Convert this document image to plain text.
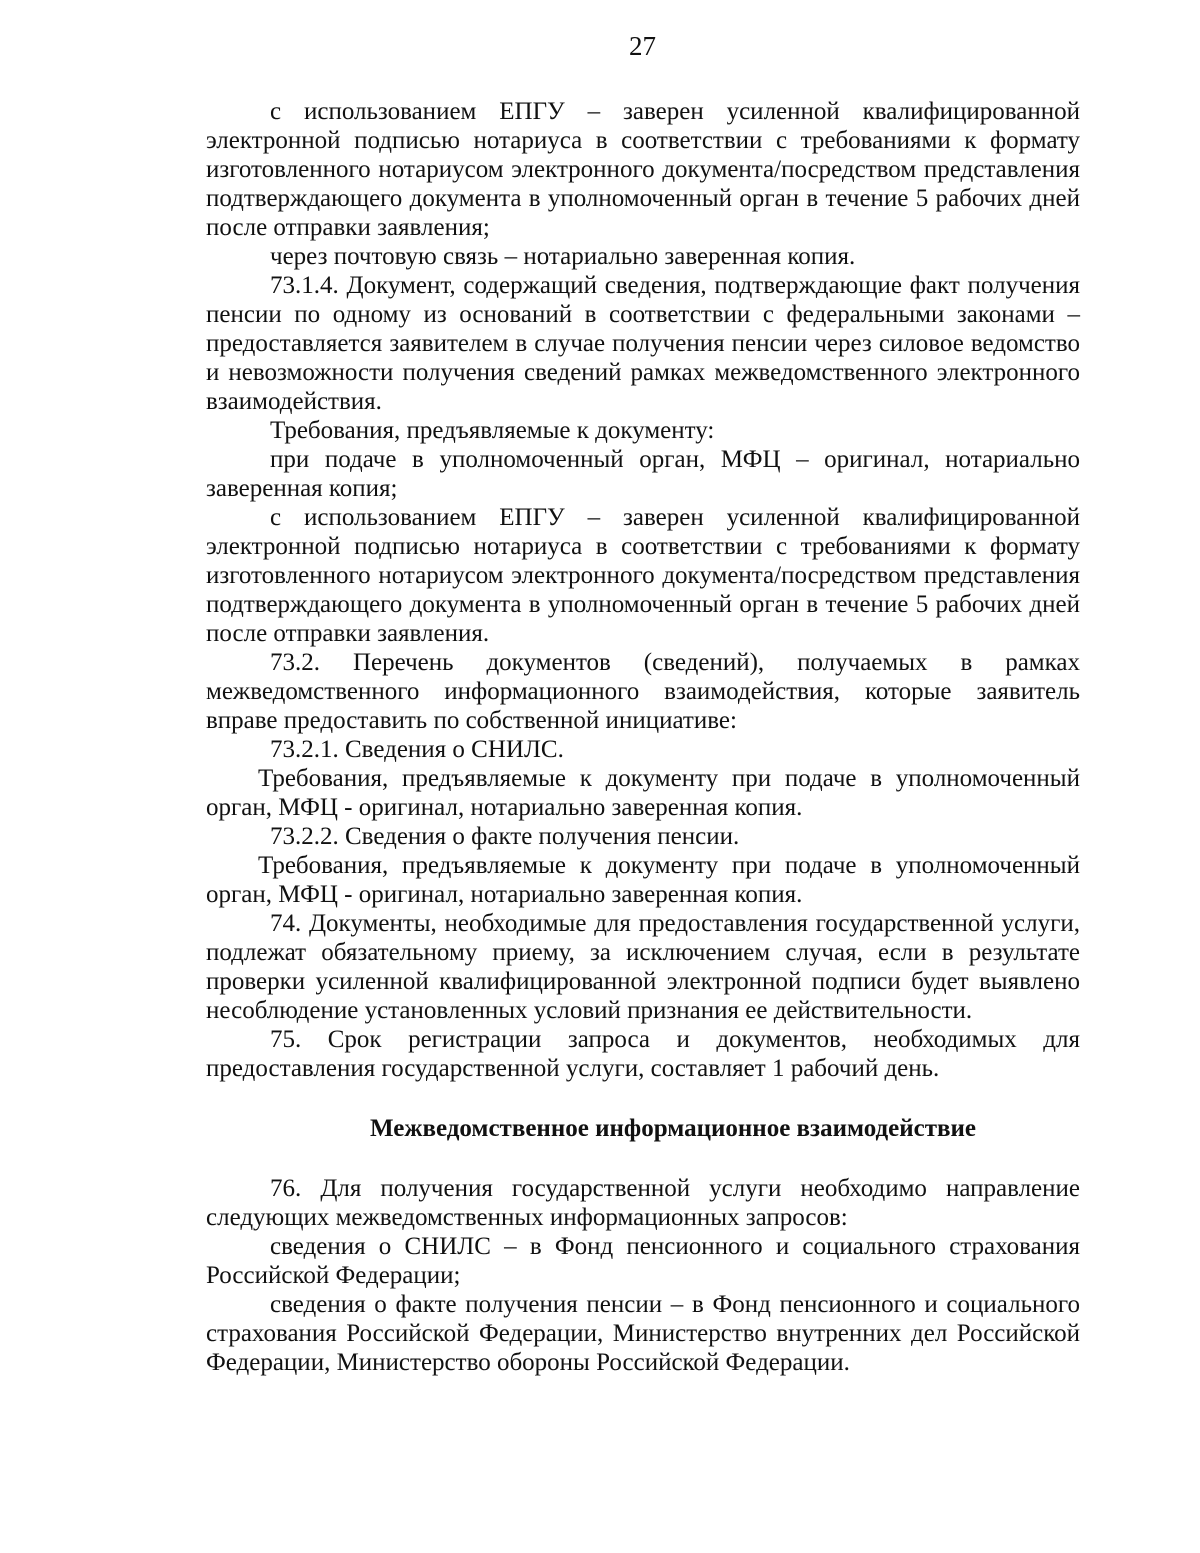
27

с использованием ЕПГУ – заверен усиленной квалифицированной электронной подписью нотариуса в соответствии с требованиями к формату изготовленного нотариусом электронного документа/посредством представления подтверждающего документа в уполномоченный орган в течение 5 рабочих дней после отправки заявления;

через почтовую связь – нотариально заверенная копия.

73.1.4. Документ, содержащий сведения, подтверждающие факт получения пенсии по одному из оснований в соответствии с федеральными законами – предоставляется заявителем в случае получения пенсии через силовое ведомство и невозможности получения сведений рамках межведомственного электронного взаимодействия.

Требования, предъявляемые к документу:

при подаче в уполномоченный орган, МФЦ – оригинал, нотариально заверенная копия;

с использованием ЕПГУ – заверен усиленной квалифицированной электронной подписью нотариуса в соответствии с требованиями к формату изготовленного нотариусом электронного документа/посредством представления подтверждающего документа в уполномоченный орган в течение 5 рабочих дней после отправки заявления.

73.2. Перечень документов (сведений), получаемых в рамках межведомственного информационного взаимодействия, которые заявитель вправе предоставить по собственной инициативе:

73.2.1. Сведения о СНИЛС.

Требования, предъявляемые к документу при подаче в уполномоченный орган, МФЦ - оригинал, нотариально заверенная копия.

73.2.2. Сведения о факте получения пенсии.

Требования, предъявляемые к документу при подаче в уполномоченный орган, МФЦ - оригинал, нотариально заверенная копия.

74. Документы, необходимые для предоставления государственной услуги, подлежат обязательному приему, за исключением случая, если в результате проверки усиленной квалифицированной электронной подписи будет выявлено несоблюдение установленных условий признания ее действительности.

75. Срок регистрации запроса и документов, необходимых для предоставления государственной услуги, составляет 1 рабочий день.

Межведомственное информационное взаимодействие

76. Для получения государственной услуги необходимо направление следующих межведомственных информационных запросов:

сведения о СНИЛС – в Фонд пенсионного и социального страхования Российской Федерации;

сведения о факте получения пенсии – в Фонд пенсионного и социального страхования Российской Федерации, Министерство внутренних дел Российской Федерации, Министерство обороны Российской Федерации.
